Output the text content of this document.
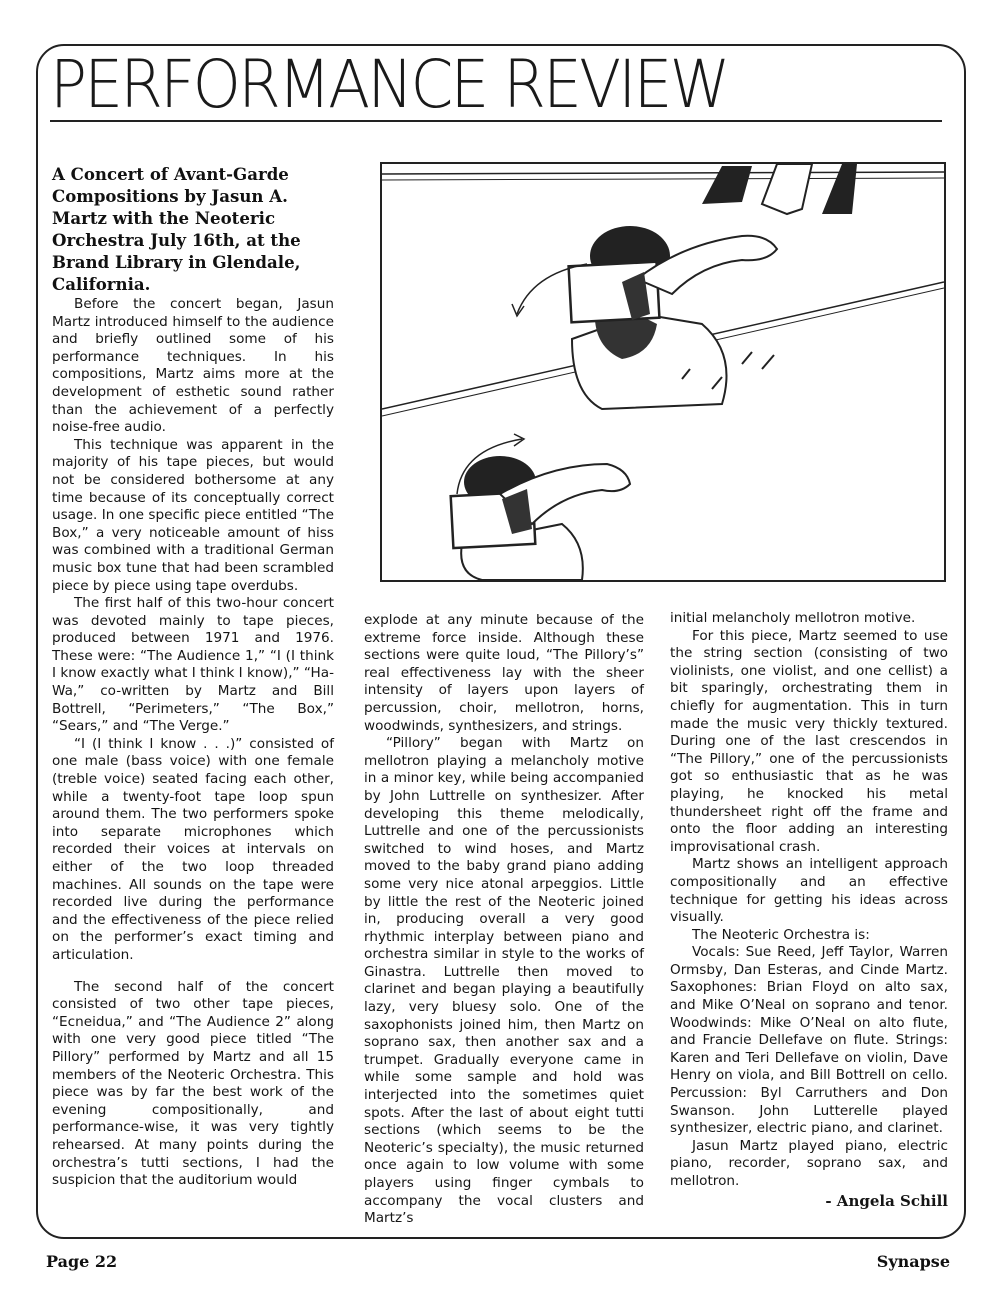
PERFORMANCE REVIEW
A Concert of Avant-Garde Compositions by Jasun A. Martz with the Neoteric Orchestra July 16th, at the Brand Library in Glendale, California.

Before the concert began, Jasun Martz introduced himself to the audience and briefly outlined some of his performance techniques. In his compositions, Martz aims more at the development of esthetic sound rather than the achievement of a perfectly noise-free audio.

This technique was apparent in the majority of his tape pieces, but would not be considered bothersome at any time because of its conceptually correct usage. In one specific piece entitled “The Box,” a very noticeable amount of hiss was combined with a traditional German music box tune that had been scrambled piece by piece using tape overdubs.

The first half of this two-hour concert was devoted mainly to tape pieces, produced between 1971 and 1976. These were: “The Audience 1,” “I (I think I know exactly what I think I know),” “Ha-Wa,” co-written by Martz and Bill Bottrell, “Perimeters,” “The Box,” “Sears,” and “The Verge.”

“I (I think I know . . .)” consisted of one male (bass voice) with one female (treble voice) seated facing each other, while a twenty-foot tape loop spun around them. The two performers spoke into separate microphones which recorded their voices at intervals on either of the two loop threaded machines. All sounds on the tape were recorded live during the performance and the effectiveness of the piece relied on the performer’s exact timing and articulation.

The second half of the concert consisted of two other tape pieces, “Ecneidua,” and “The Audience 2” along with one very good piece titled “The Pillory” performed by Martz and all 15 members of the Neoteric Orchestra. This piece was by far the best work of the evening compositionally, and performance-wise, it was very tightly rehearsed. At many points during the orchestra’s tutti sections, I had the suspicion that the auditorium would

explode at any minute because of the extreme force inside. Although these sections were quite loud, “The Pillory’s” real effectiveness lay with the sheer intensity of layers upon layers of percussion, choir, mellotron, horns, woodwinds, synthesizers, and strings.

“Pillory” began with Martz on mellotron playing a melancholy motive in a minor key, while being accompanied by John Luttrelle on synthesizer. After developing this theme melodically, Luttrelle and one of the percussionists switched to wind hoses, and Martz moved to the baby grand piano adding some very nice atonal arpeggios. Little by little the rest of the Neoteric joined in, producing overall a very good rhythmic interplay between piano and orchestra similar in style to the works of Ginastra. Luttrelle then moved to clarinet and began playing a beautifully lazy, very bluesy solo. One of the saxophonists joined him, then Martz on soprano sax, then another sax and a trumpet. Gradually everyone came in while some sample and hold was interjected into the sometimes quiet spots. After the last of about eight tutti sections (which seems to be the Neoteric’s specialty), the music returned once again to low volume with some players using finger cymbals to accompany the vocal clusters and Martz’s

initial melancholy mellotron motive.

For this piece, Martz seemed to use the string section (consisting of two violinists, one violist, and one cellist) a bit sparingly, orchestrating them in chiefly for augmentation. This in turn made the music very thickly textured. During one of the last crescendos in “The Pillory,” one of the percussionists got so enthusiastic that as he was playing, he knocked his metal thundersheet right off the frame and onto the floor adding an interesting improvisational crash.

Martz shows an intelligent approach compositionally and an effective technique for getting his ideas across visually.

The Neoteric Orchestra is:

Vocals: Sue Reed, Jeff Taylor, Warren Ormsby, Dan Esteras, and Cinde Martz. Saxophones: Brian Floyd on alto sax, and Mike O’Neal on soprano and tenor. Woodwinds: Mike O’Neal on alto flute, and Francie Dellefave on flute. Strings: Karen and Teri Dellefave on violin, Dave Henry on viola, and Bill Bottrell on cello. Percussion: Byl Carruthers and Don Swanson. John Lutterelle played synthesizer, electric piano, and clarinet.

Jasun Martz played piano, electric piano, recorder, soprano sax, and mellotron.

- Angela Schill
Page 22	Synapse
